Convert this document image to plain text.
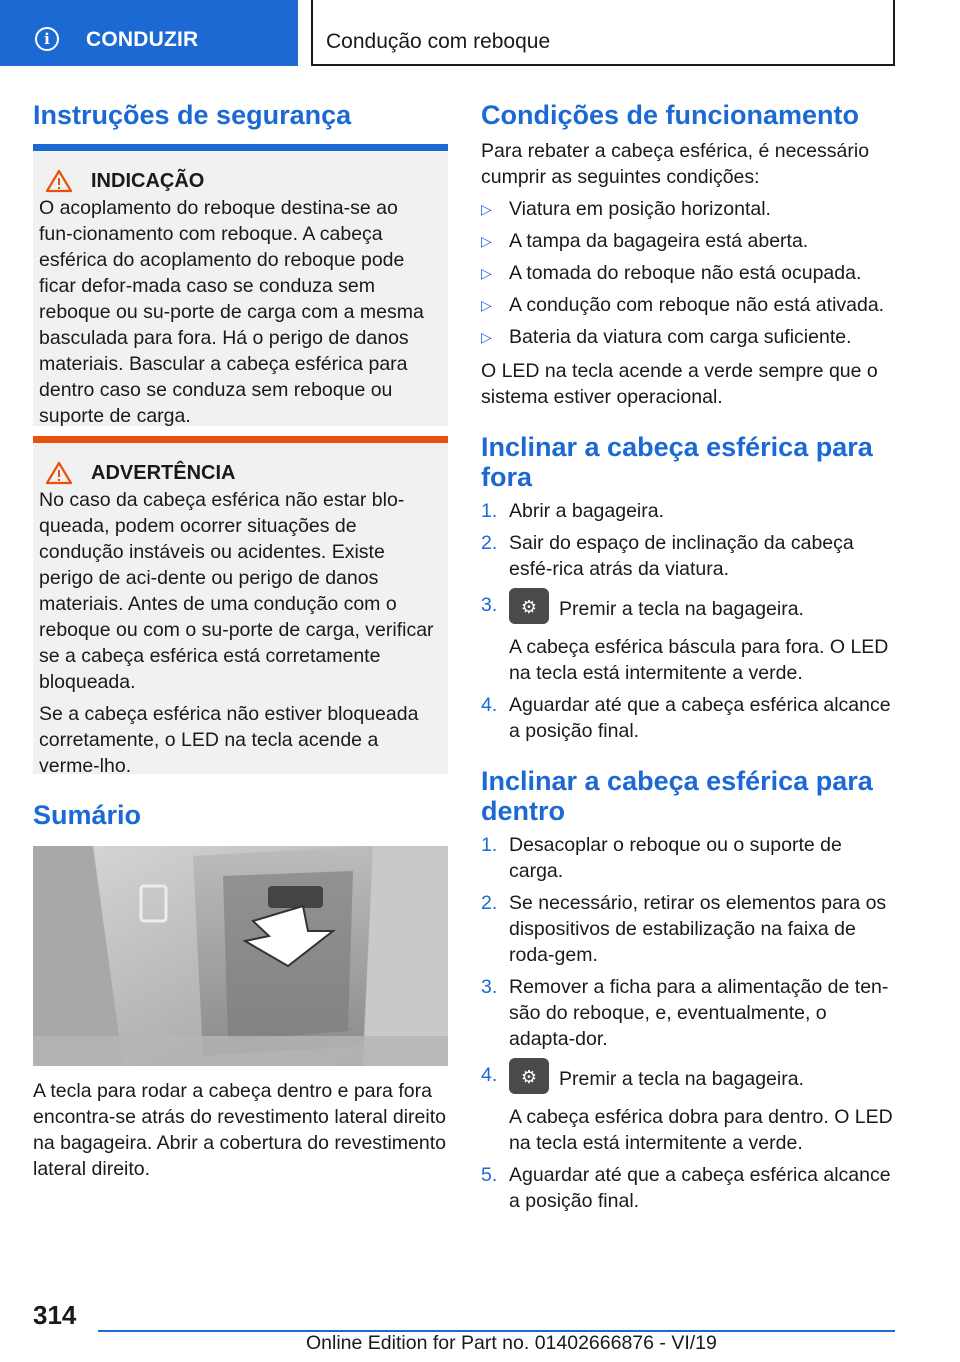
i	CONDUZIR	Condução com reboque
Instruções de segurança
INDICAÇÃO

O acoplamento do reboque destina-se ao fun-cionamento com reboque. A cabeça esférica do acoplamento do reboque pode ficar defor-mada caso se conduza sem reboque ou su-porte de carga com a mesma basculada para fora. Há o perigo de danos materiais. Bascular a cabeça esférica para dentro caso se conduza sem reboque ou suporte de carga.

ADVERTÊNCIA

No caso da cabeça esférica não estar blo-queada, podem ocorrer situações de condução instáveis ou acidentes. Existe perigo de aci-dente ou perigo de danos materiais. Antes de uma condução com o reboque ou com o su-porte de carga, verificar se a cabeça esférica está corretamente bloqueada.

Se a cabeça esférica não estiver bloqueada corretamente, o LED na tecla acende a verme-lho.

Sumário

A tecla para rodar a cabeça dentro e para fora encontra-se atrás do revestimento lateral direito na bagageira. Abrir a cobertura do revestimento lateral direito.

Condições de funcionamento

Para rebater a cabeça esférica, é necessário cumprir as seguintes condições:

▷ Viatura em posição horizontal.
▷ A tampa da bagageira está aberta.
▷ A tomada do reboque não está ocupada.
▷ A condução com reboque não está ativada.
▷ Bateria da viatura com carga suficiente.

O LED na tecla acende a verde sempre que o sistema estiver operacional.

Inclinar a cabeça esférica para fora
1. Abrir a bagageira.
2. Sair do espaço de inclinação da cabeça esfé-rica atrás da viatura.
3.	⚙	Premir a tecla na bagageira.
A cabeça esférica báscula para fora. O LED na tecla está intermitente a verde.
4. Aguardar até que a cabeça esférica alcance a posição final.
Inclinar a cabeça esférica para dentro
1. Desacoplar o reboque ou o suporte de carga.
2. Se necessário, retirar os elementos para os dispositivos de estabilização na faixa de roda-gem.
3. Remover a ficha para a alimentação de ten-são do reboque, e, eventualmente, o adapta-dor.
4.	⚙	Premir a tecla na bagageira.
A cabeça esférica dobra para dentro. O LED na tecla está intermitente a verde.
5. Aguardar até que a cabeça esférica alcance a posição final.
314
Online Edition for Part no. 01402666876 - VI/19
